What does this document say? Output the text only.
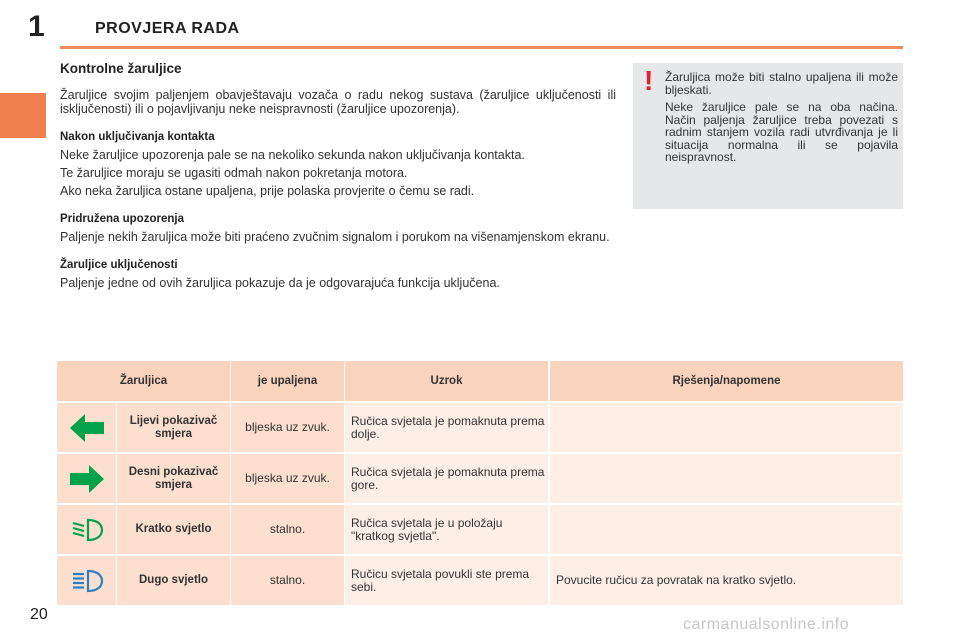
1	PROVJERA RADA
Kontrolne žaruljice

Žaruljice svojim paljenjem obavještavaju vozača o radu nekog sustava (žaruljice uključenosti ili isključenosti) ili o pojavljivanju neke neispravnosti (žaruljice upozorenja).

Nakon uključivanja kontakta

Neke žaruljice upozorenja pale se na nekoliko sekunda nakon uključivanja kontakta.

Te žaruljice moraju se ugasiti odmah nakon pokretanja motora.

Ako neka žaruljica ostane upaljena, prije polaska provjerite o čemu se radi.

Pridružena upozorenja

Paljenje nekih žaruljica može biti praćeno zvučnim signalom i porukom na višenamjenskom ekranu.

Žaruljice uključenosti

Paljenje jedne od ovih žaruljica pokazuje da je odgovarajuća funkcija uključena.

! Žaruljica može biti stalno upaljena ili može bljeskati.

Neke žaruljice pale se na oba načina. Način paljenja žaruljice treba povezati s radnim stanjem vozila radi utvrđivanja je li situacija normalna ili se pojavila neispravnost.

Žaruljica	je upaljena	Uzrok	Rješenja/napomene
Lijevi pokazivač smjera	bljeska uz zvuk.	Ručica svjetala je pomaknuta prema dolje.
Desni pokazivač smjera	bljeska uz zvuk.	Ručica svjetala je pomaknuta prema gore.
Kratko svjetlo	stalno.	Ručica svjetala je u položaju "kratkog svjetla".
Dugo svjetlo	stalno.	Ručicu svjetala povukli ste prema sebi.	Povucite ručicu za povratak na kratko svjetlo.
20
carmanualsonline.info
